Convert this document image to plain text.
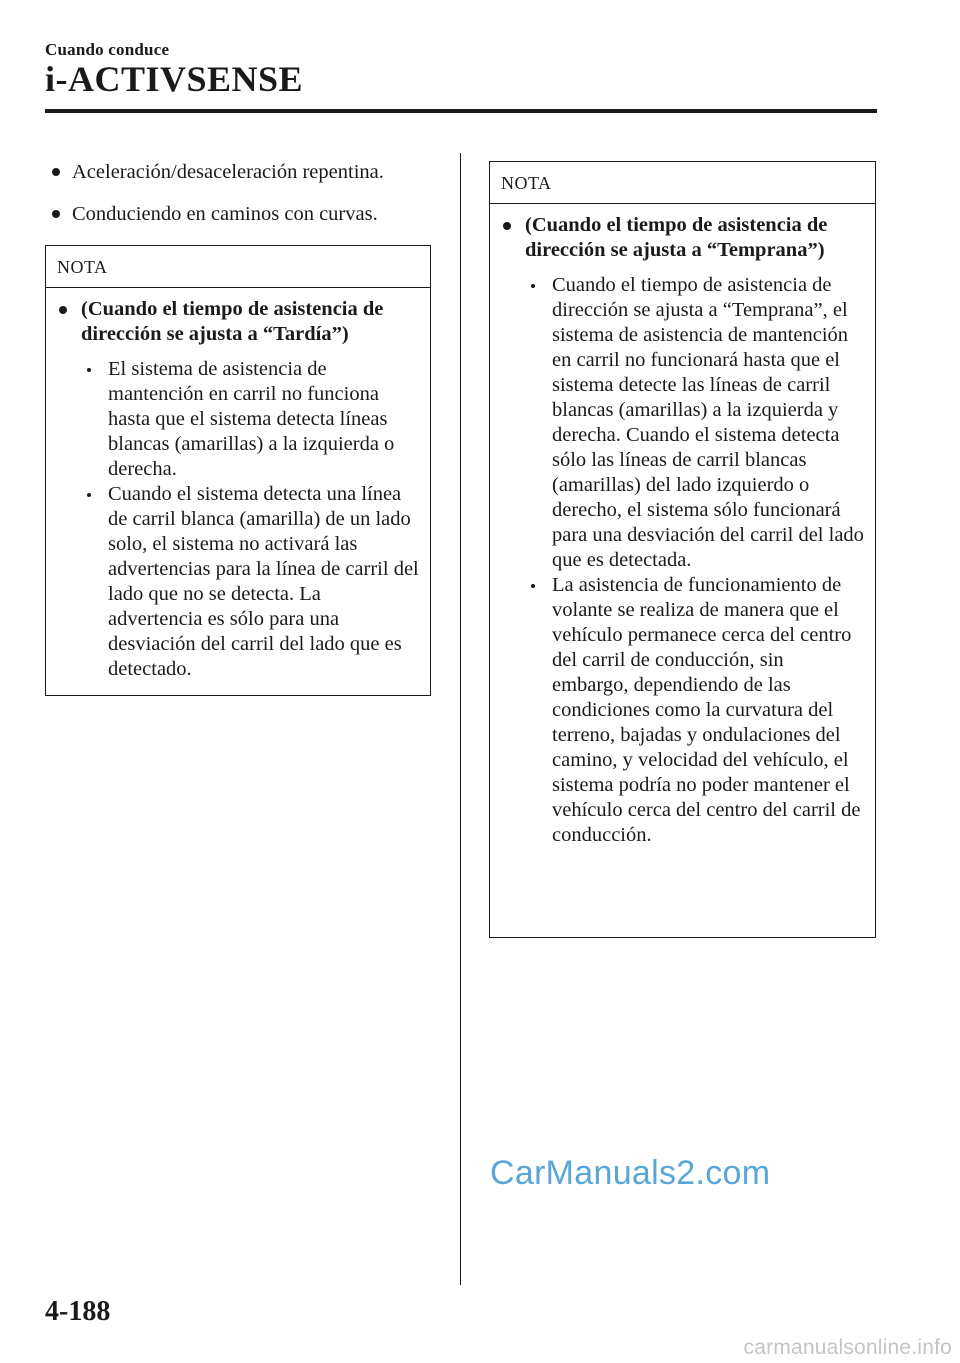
Cuando conduce
i-ACTIVSENSE
Aceleración/desaceleración repentina.
Conduciendo en caminos con curvas.
NOTA
(Cuando el tiempo de asistencia de dirección se ajusta a “Tardía”)
El sistema de asistencia de mantención en carril no funciona hasta que el sistema detecta líneas blancas (amarillas) a la izquierda o derecha.
Cuando el sistema detecta una línea de carril blanca (amarilla) de un lado solo, el sistema no activará las advertencias para la línea de carril del lado que no se detecta. La advertencia es sólo para una desviación del carril del lado que es detectado.
NOTA
(Cuando el tiempo de asistencia de dirección se ajusta a “Temprana”)
Cuando el tiempo de asistencia de dirección se ajusta a “Temprana”, el sistema de asistencia de mantención en carril no funcionará hasta que el sistema detecte las líneas de carril blancas (amarillas) a la izquierda y derecha. Cuando el sistema detecta sólo las líneas de carril blancas (amarillas) del lado izquierdo o derecho, el sistema sólo funcionará para una desviación del carril del lado que es detectada.
La asistencia de funcionamiento de volante se realiza de manera que el vehículo permanece cerca del centro del carril de conducción, sin embargo, dependiendo de las condiciones como la curvatura del terreno, bajadas y ondulaciones del camino, y velocidad del vehículo, el sistema podría no poder mantener el vehículo cerca del centro del carril de conducción.
CarManuals2.com
4-188
carmanualsonline.info
